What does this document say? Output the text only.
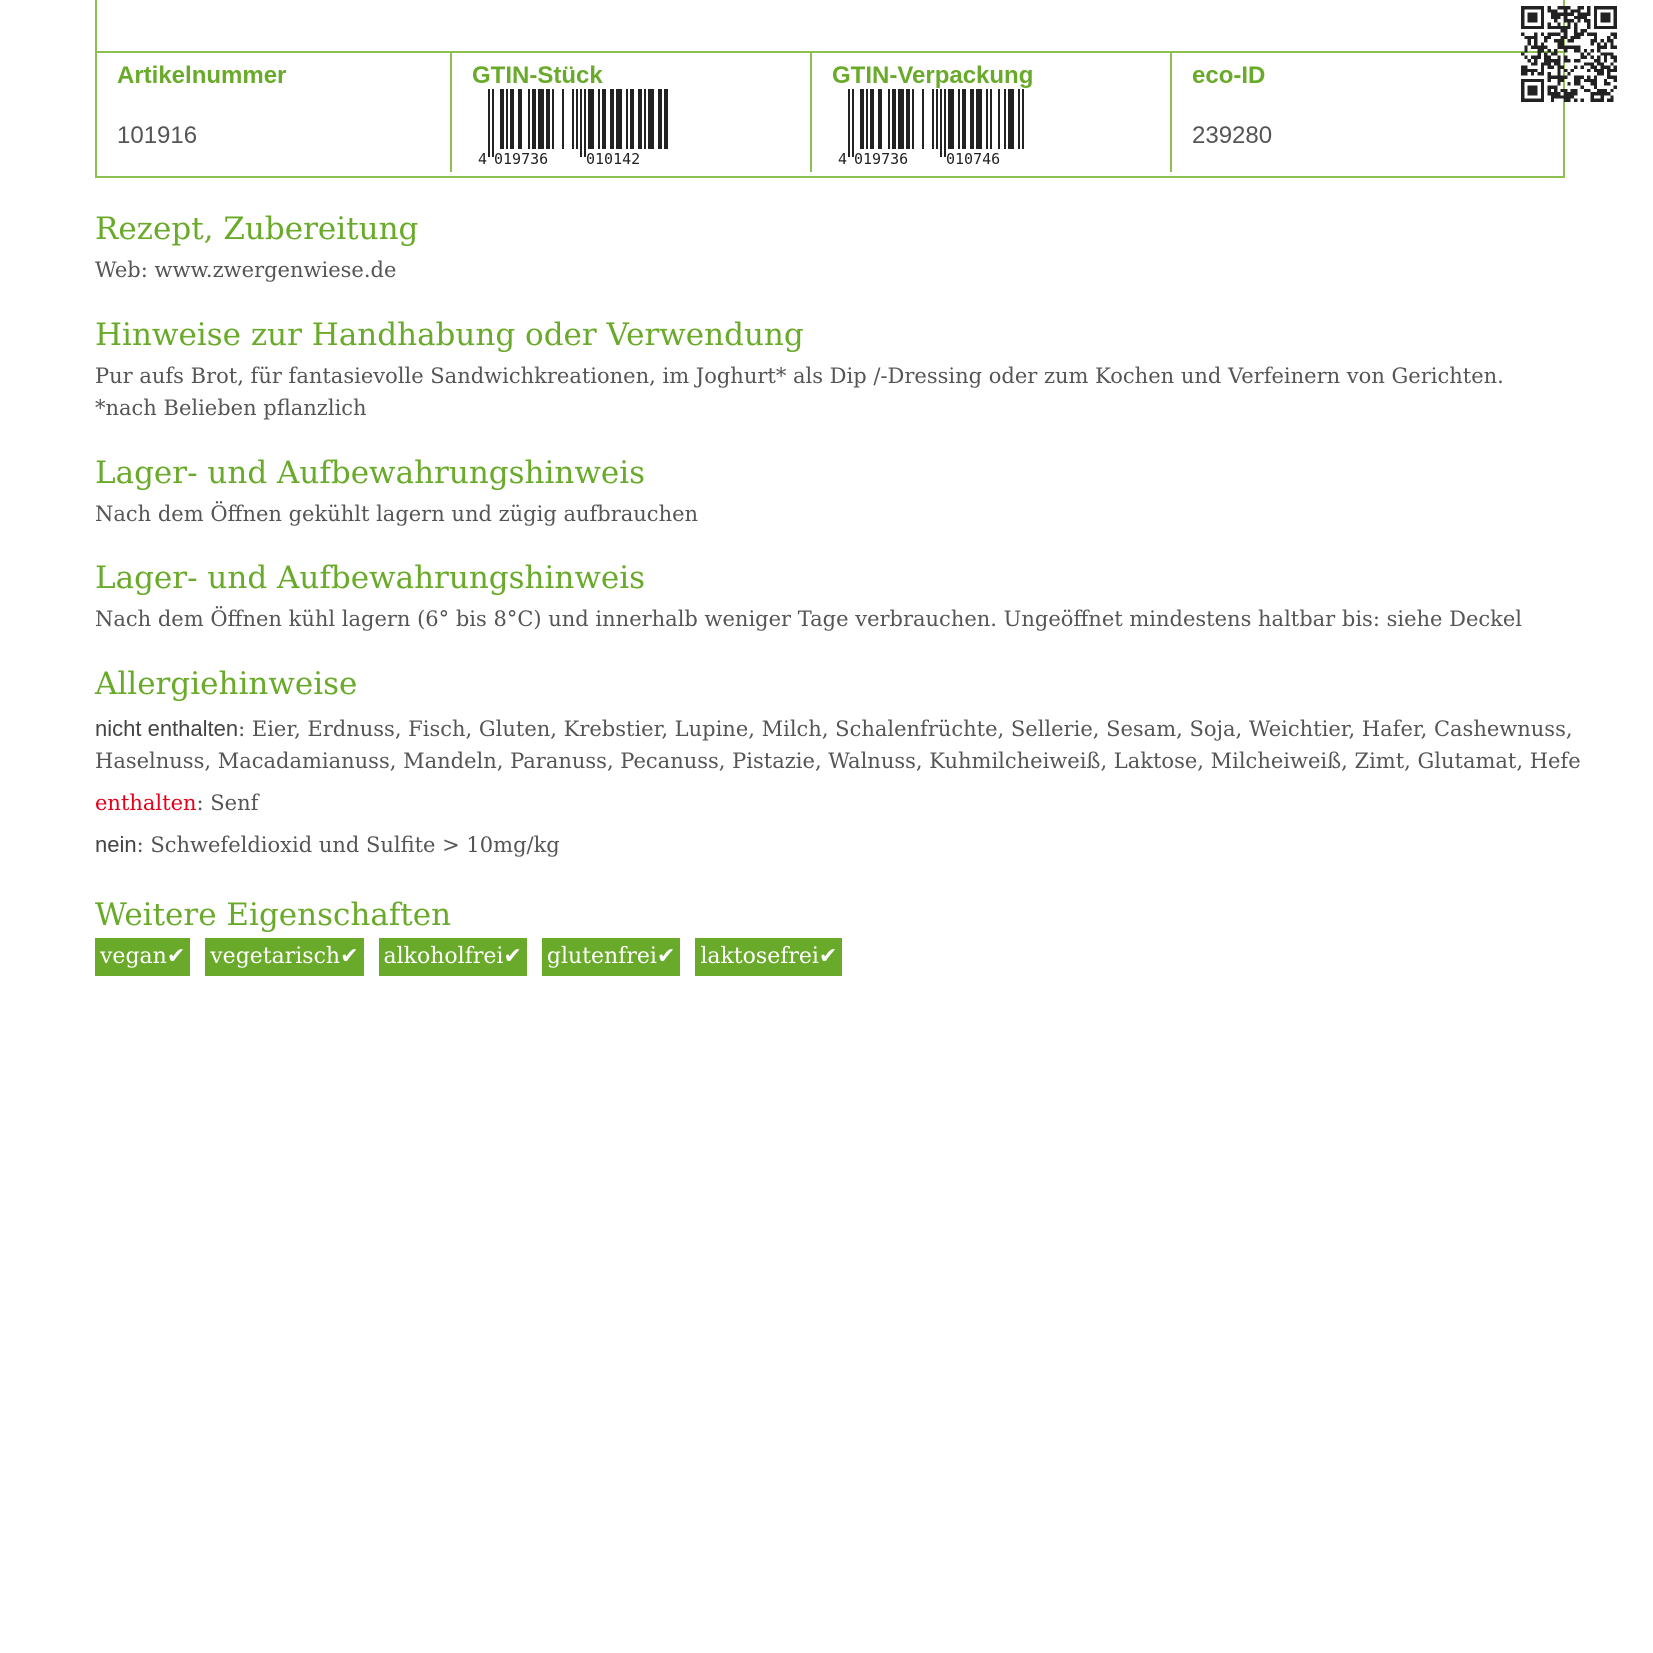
Artikelnummer
101916
GTIN-Stück
4 019736	010142
GTIN-Verpackung
4 019736	010746
eco-ID
239280
Rezept, Zubereitung
Web: www.zwergenwiese.de
Hinweise zur Handhabung oder Verwendung
Pur aufs Brot, für fantasievolle Sandwichkreationen, im Joghurt* als Dip /-Dressing oder zum Kochen und Verfeinern von Gerichten.
*nach Belieben pflanzlich
Lager- und Aufbewahrungshinweis
Nach dem Öffnen gekühlt lagern und zügig aufbrauchen
Lager- und Aufbewahrungshinweis
Nach dem Öffnen kühl lagern (6° bis 8°C) und innerhalb weniger Tage verbrauchen. Ungeöffnet mindestens haltbar bis: siehe Deckel
Allergiehinweise
nicht enthalten: Eier, Erdnuss, Fisch, Gluten, Krebstier, Lupine, Milch, Schalenfrüchte, Sellerie, Sesam, Soja, Weichtier, Hafer, Cashewnuss,
Haselnuss, Macadamianuss, Mandeln, Paranuss, Pecanuss, Pistazie, Walnuss, Kuhmilcheiweiß, Laktose, Milcheiweiß, Zimt, Glutamat, Hefe
enthalten: Senf
nein: Schwefeldioxid und Sulfite > 10mg/kg
Weitere Eigenschaften
vegan✔ vegetarisch✔ alkoholfrei✔ glutenfrei✔ laktosefrei✔
